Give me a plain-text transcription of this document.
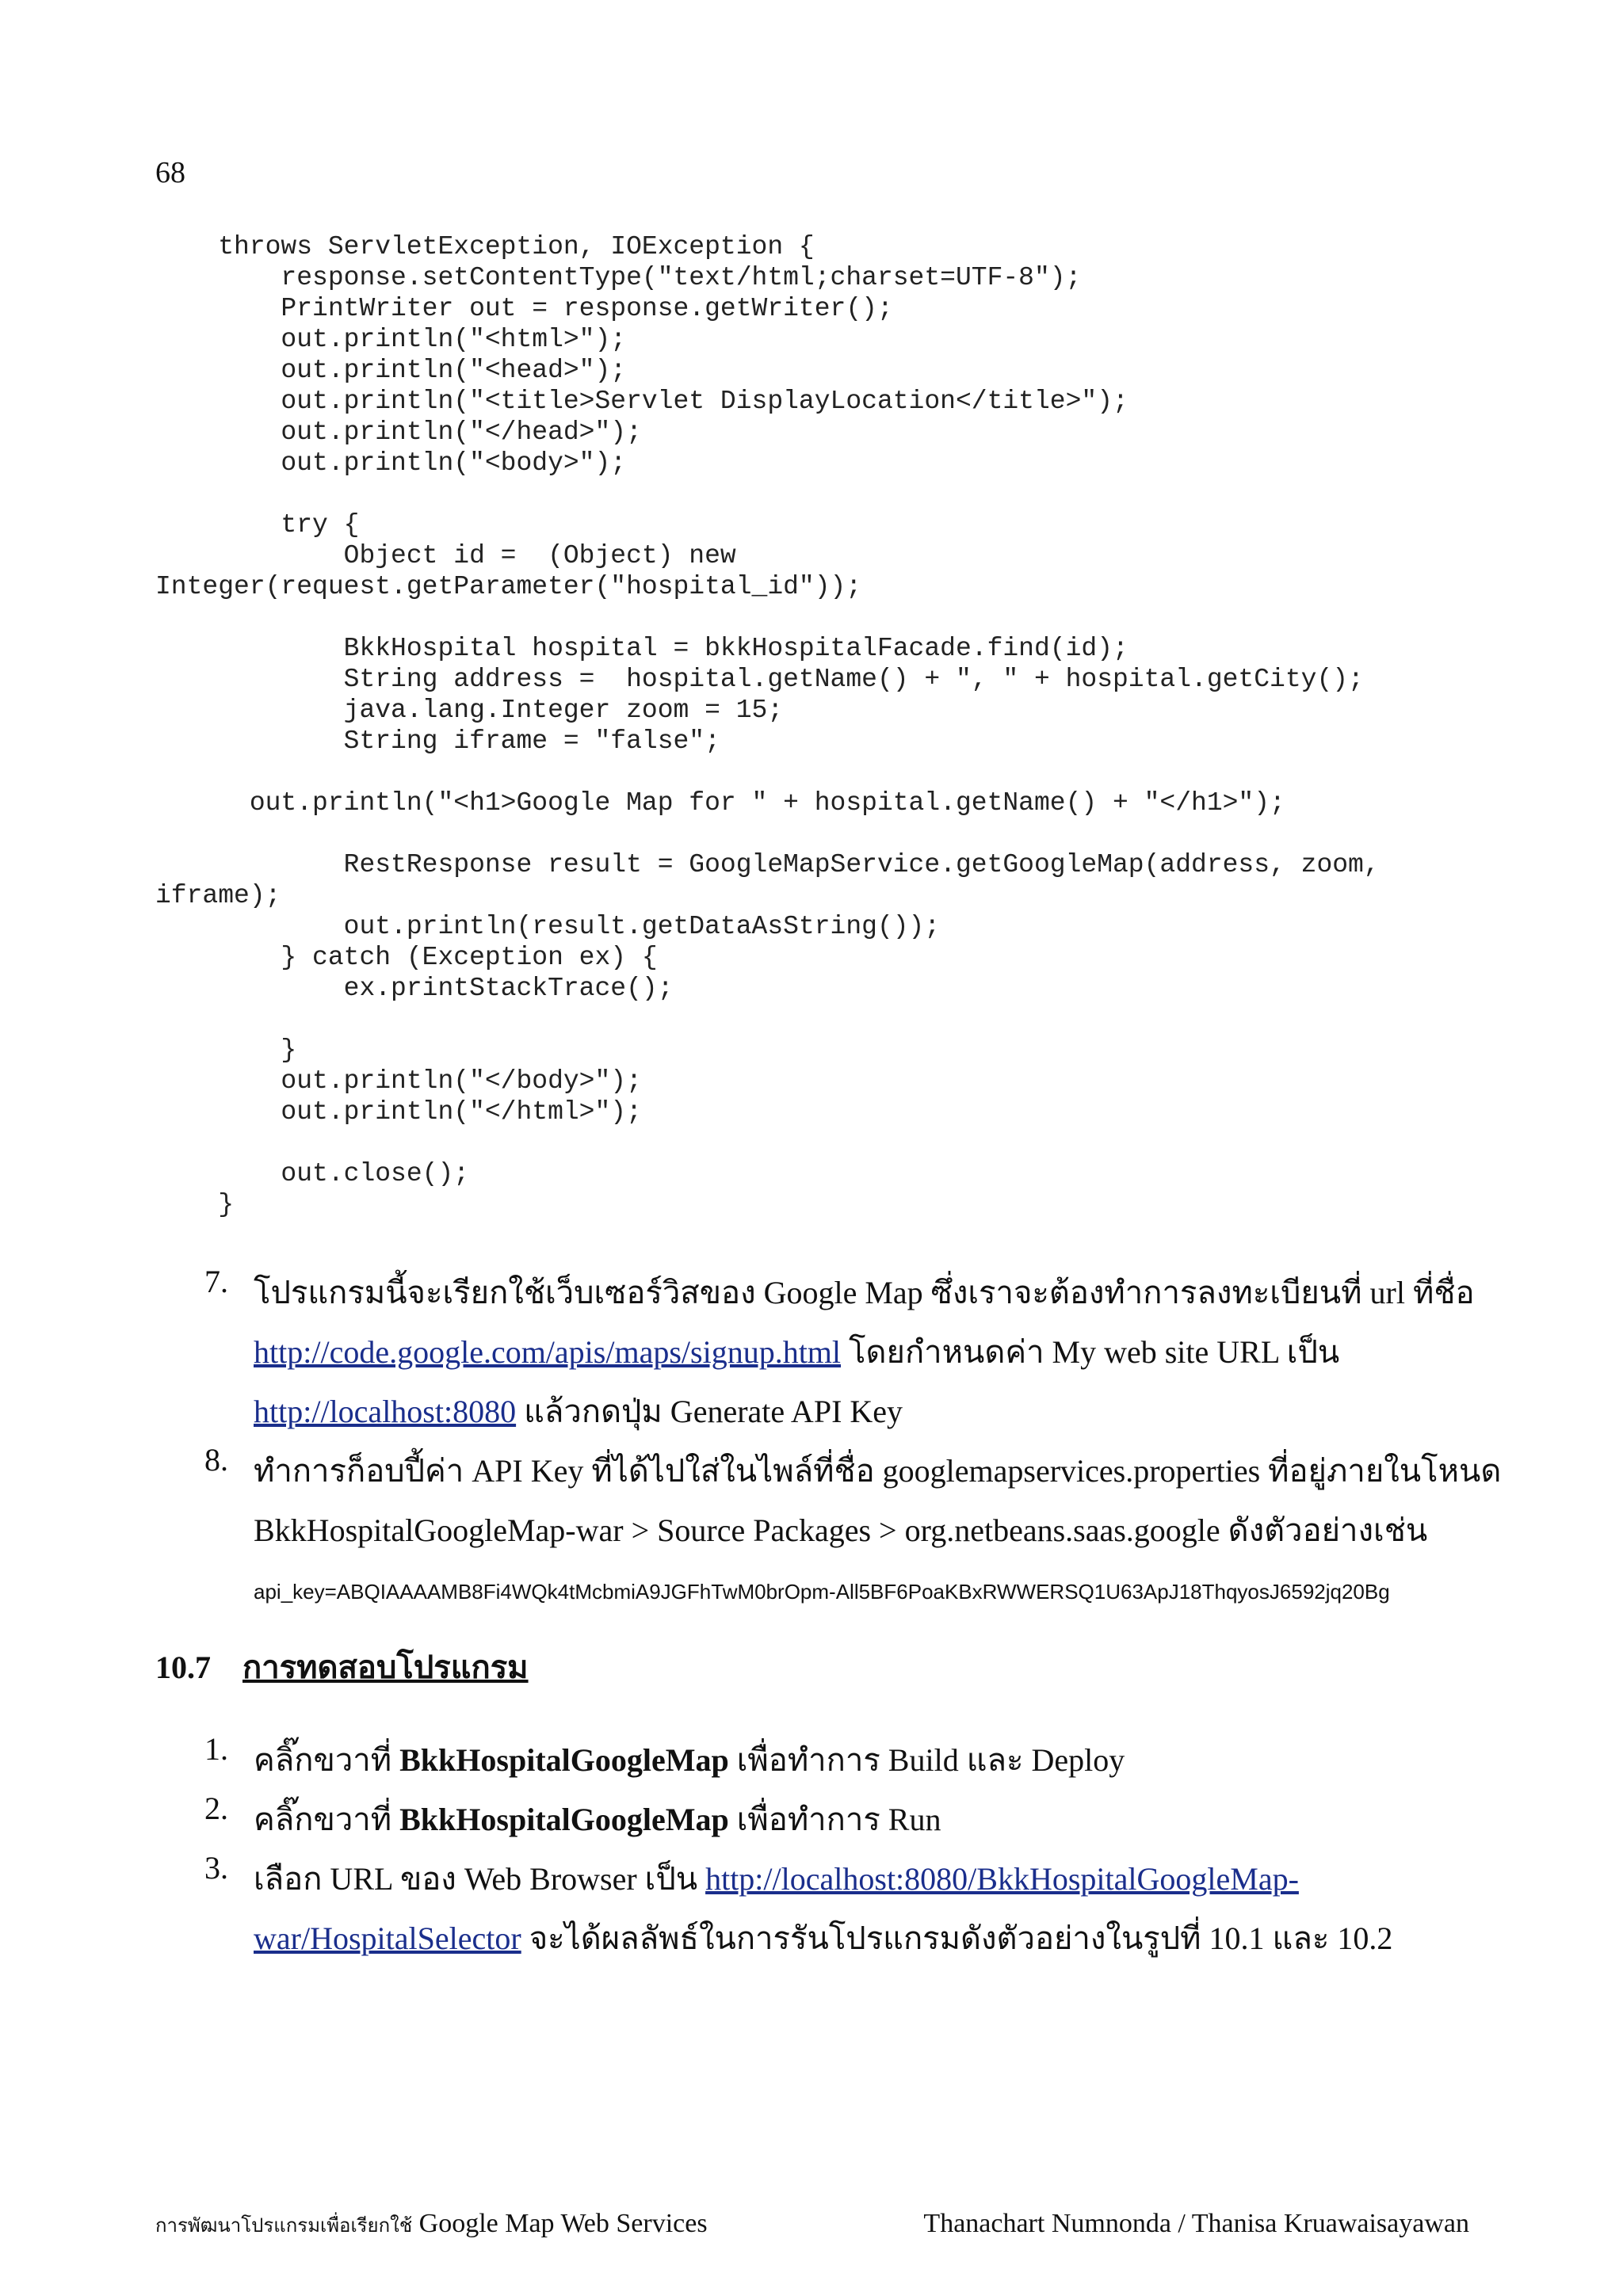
68
throws ServletException, IOException {
response.setContentType("text/html;charset=UTF-8");
PrintWriter out = response.getWriter();
out.println("<html>");
out.println("<head>");
out.println("<title>Servlet DisplayLocation</title>");
out.println("</head>");
out.println("<body>");
try {
Object id =  (Object) new
Integer(request.getParameter("hospital_id"));
BkkHospital hospital = bkkHospitalFacade.find(id);
String address =  hospital.getName() + ", " + hospital.getCity();
java.lang.Integer zoom = 15;
String iframe = "false";
out.println("<h1>Google Map for " + hospital.getName() + "</h1>");
RestResponse result = GoogleMapService.getGoogleMap(address, zoom,
iframe);
out.println(result.getDataAsString());
} catch (Exception ex) {
ex.printStackTrace();
}
out.println("</body>");
out.println("</html>");
out.close();
}
7. โปรแกรมนี้จะเรียกใช้เว็บเซอร์วิสของ Google Map ซึ่งเราจะต้องทำการลงทะเบียนที่ url ที่ชื่อ
http://code.google.com/apis/maps/signup.html โดยกำหนดค่า My web site URL เป็น
http://localhost:8080 แล้วกดปุ่ม Generate API Key
8. ทำการก็อบปี้ค่า API Key ที่ได้ไปใส่ในไพล์ที่ชื่อ googlemapservices.properties ที่อยู่ภายในโหนด
BkkHospitalGoogleMap-war > Source Packages > org.netbeans.saas.google ดังตัวอย่างเช่น
api_key=ABQIAAAAMB8Fi4WQk4tMcbmiA9JGFhTwM0brOpm-All5BF6PoaKBxRWWERSQ1U63ApJ18ThqyosJ6592jq20Bg
10.7 การทดสอบโปรแกรม
1. คลิ๊กขวาที่ BkkHospitalGoogleMap เพื่อทำการ Build และ Deploy
2. คลิ๊กขวาที่ BkkHospitalGoogleMap เพื่อทำการ Run
3. เลือก URL ของ Web Browser เป็น http://localhost:8080/BkkHospitalGoogleMap-
war/HospitalSelector จะได้ผลลัพธ์ในการรันโปรแกรมดังตัวอย่างในรูปที่ 10.1 และ 10.2
การพัฒนาโปรแกรมเพื่อเรียกใช้ Google Map Web Services	Thanachart Numnonda / Thanisa Kruawaisayawan
